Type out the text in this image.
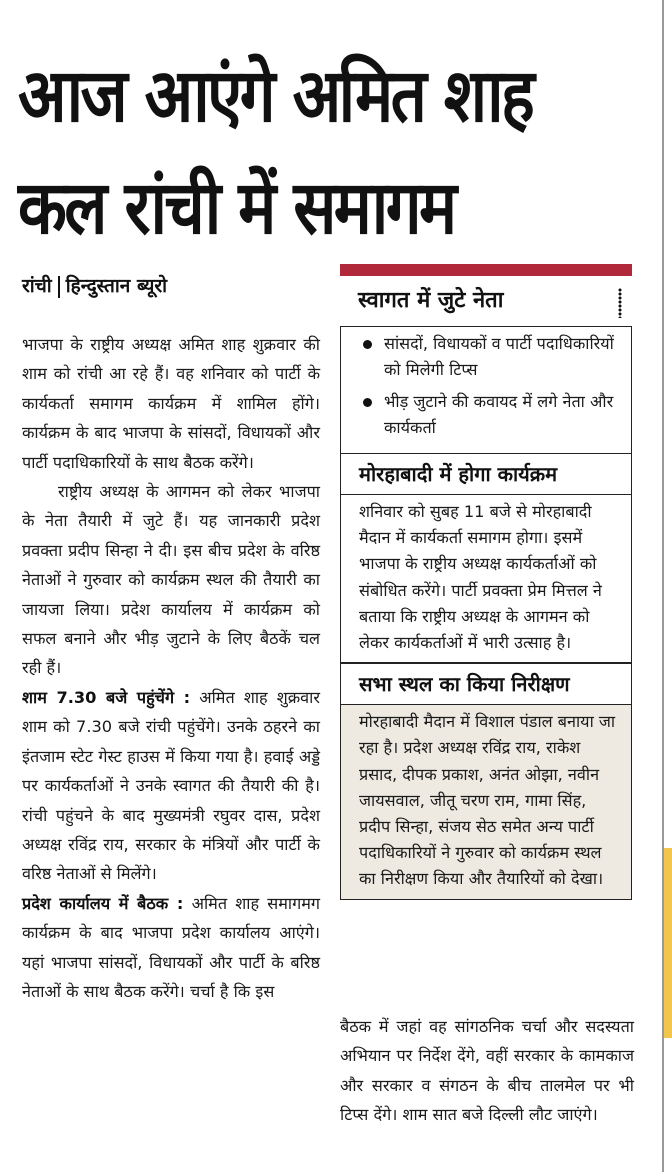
आज आएंगे अमित शाह
कल रांची में समागम
रांची हिन्दुस्तान ब्यूरो

भाजपा के राष्ट्रीय अध्यक्ष अमित शाह शुक्रवार की शाम को रांची आ रहे हैं। वह शनिवार को पार्टी के कार्यकर्ता समागम कार्यक्रम में शामिल होंगे। कार्यक्रम के बाद भाजपा के सांसदों, विधायकों और पार्टी पदाधिकारियों के साथ बैठक करेंगे।

राष्ट्रीय अध्यक्ष के आगमन को लेकर भाजपा के नेता तैयारी में जुटे हैं। यह जानकारी प्रदेश प्रवक्ता प्रदीप सिन्हा ने दी। इस बीच प्रदेश के वरिष्ठ नेताओं ने गुरुवार को कार्यक्रम स्थल की तैयारी का जायजा लिया। प्रदेश कार्यालय में कार्यक्रम को सफल बनाने और भीड़ जुटाने के लिए बैठकें चल रही हैं।

शाम 7.30 बजे पहुंचेंगे : अमित शाह शुक्रवार शाम को 7.30 बजे रांची पहुंचेंगे। उनके ठहरने का इंतजाम स्टेट गेस्ट हाउस में किया गया है। हवाई अड्डे पर कार्यकर्ताओं ने उनके स्वागत की तैयारी की है। रांची पहुंचने के बाद मुख्यमंत्री रघुवर दास, प्रदेश अध्यक्ष रविंद्र राय, सरकार के मंत्रियों और पार्टी के वरिष्ठ नेताओं से मिलेंगे।

प्रदेश कार्यालय में बैठक : अमित शाह समागमग कार्यक्रम के बाद भाजपा प्रदेश कार्यालय आएंगे। यहां भाजपा सांसदों, विधायकों और पार्टी के बरिष्ठ नेताओं के साथ बैठक करेंगे। चर्चा है कि इस

स्वागत में जुटे नेता
सांसदों, विधायकों व पार्टी पदाधिकारियों को मिलेगी टिप्स
भीड़ जुटाने की कवायद में लगे नेता और कार्यकर्ता
मोरहाबादी में होगा कार्यक्रम
शनिवार को सुबह 11 बजे से मोरहाबादी मैदान में कार्यकर्ता समागम होगा। इसमें भाजपा के राष्ट्रीय अध्यक्ष कार्यकर्ताओं को संबोधित करेंगे। पार्टी प्रवक्ता प्रेम मित्तल ने बताया कि राष्ट्रीय अध्यक्ष के आगमन को लेकर कार्यकर्ताओं में भारी उत्साह है।
सभा स्थल का किया निरीक्षण
मोरहाबादी मैदान में विशाल पंडाल बनाया जा रहा है। प्रदेश अध्यक्ष रविंद्र राय, राकेश प्रसाद, दीपक प्रकाश, अनंत ओझा, नवीन जायसवाल, जीतू चरण राम, गामा सिंह, प्रदीप सिन्हा, संजय सेठ समेत अन्य पार्टी पदाधिकारियों ने गुरुवार को कार्यक्रम स्थल का निरीक्षण किया और तैयारियों को देखा।
बैठक में जहां वह सांगठनिक चर्चा और सदस्यता अभियान पर निर्देश देंगे, वहीं सरकार के कामकाज और सरकार व संगठन के बीच तालमेल पर भी टिप्स देंगे। शाम सात बजे दिल्ली लौट जाएंगे।
